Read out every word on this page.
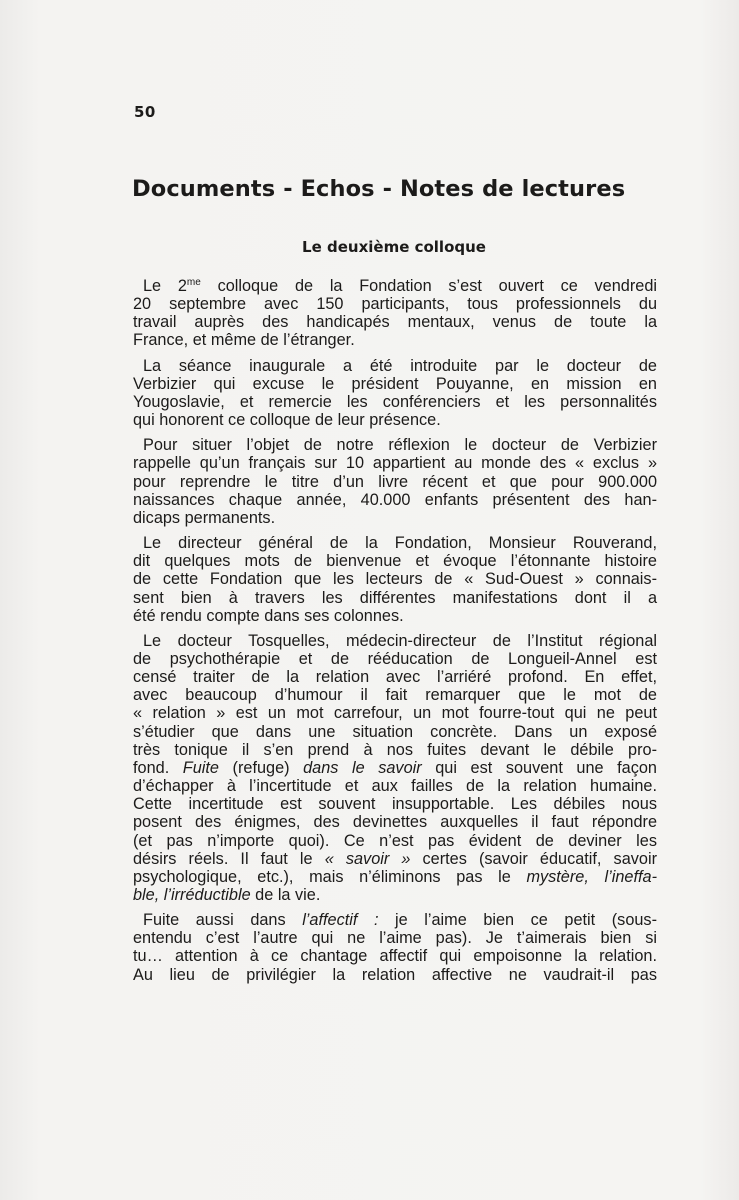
50
Documents - Echos - Notes de lectures
Le deuxième colloque

Le $2^{me}$ colloque de la Fondation s’est ouvert ce vendredi
20 septembre avec 150 participants, tous professionnels du
travail auprès des handicapés mentaux, venus de toute la
France, et même de l’étranger.

La séance inaugurale a été introduite par le docteur de
Verbizier qui excuse le président Pouyanne, en mission en
Yougoslavie, et remercie les conférenciers et les personnalités
qui honorent ce colloque de leur présence.

Pour situer l’objet de notre réflexion le docteur de Verbizier
rappelle qu’un français sur 10 appartient au monde des « exclus »
pour reprendre le titre d’un livre récent et que pour 900.000
naissances chaque année, 40.000 enfants présentent des han-
dicaps permanents.

Le directeur général de la Fondation, Monsieur Rouverand,
dit quelques mots de bienvenue et évoque l’étonnante histoire
de cette Fondation que les lecteurs de « Sud-Ouest » connais-
sent bien à travers les différentes manifestations dont il a
été rendu compte dans ses colonnes.

Le docteur Tosquelles, médecin-directeur de l’Institut régional
de psychothérapie et de rééducation de Longueil-Annel est
censé traiter de la relation avec l’arriéré profond. En effet,
avec beaucoup d’humour il fait remarquer que le mot de
« relation » est un mot carrefour, un mot fourre-tout qui ne peut
s’étudier que dans une situation concrète. Dans un exposé
très tonique il s’en prend à nos fuites devant le débile pro-
fond. Fuite (refuge) dans le savoir qui est souvent une façon
d’échapper à l’incertitude et aux failles de la relation humaine.
Cette incertitude est souvent insupportable. Les débiles nous
posent des énigmes, des devinettes auxquelles il faut répondre
(et pas n’importe quoi). Ce n’est pas évident de deviner les
désirs réels. Il faut le « savoir » certes (savoir éducatif, savoir
psychologique, etc.), mais n’éliminons pas le mystère, l’ineffa-
ble, l’irréductible de la vie.

Fuite aussi dans l’affectif : je l’aime bien ce petit (sous-
entendu c’est l’autre qui ne l’aime pas). Je t’aimerais bien si
tu… attention à ce chantage affectif qui empoisonne la relation.
Au lieu de privilégier la relation affective ne vaudrait-il pas
